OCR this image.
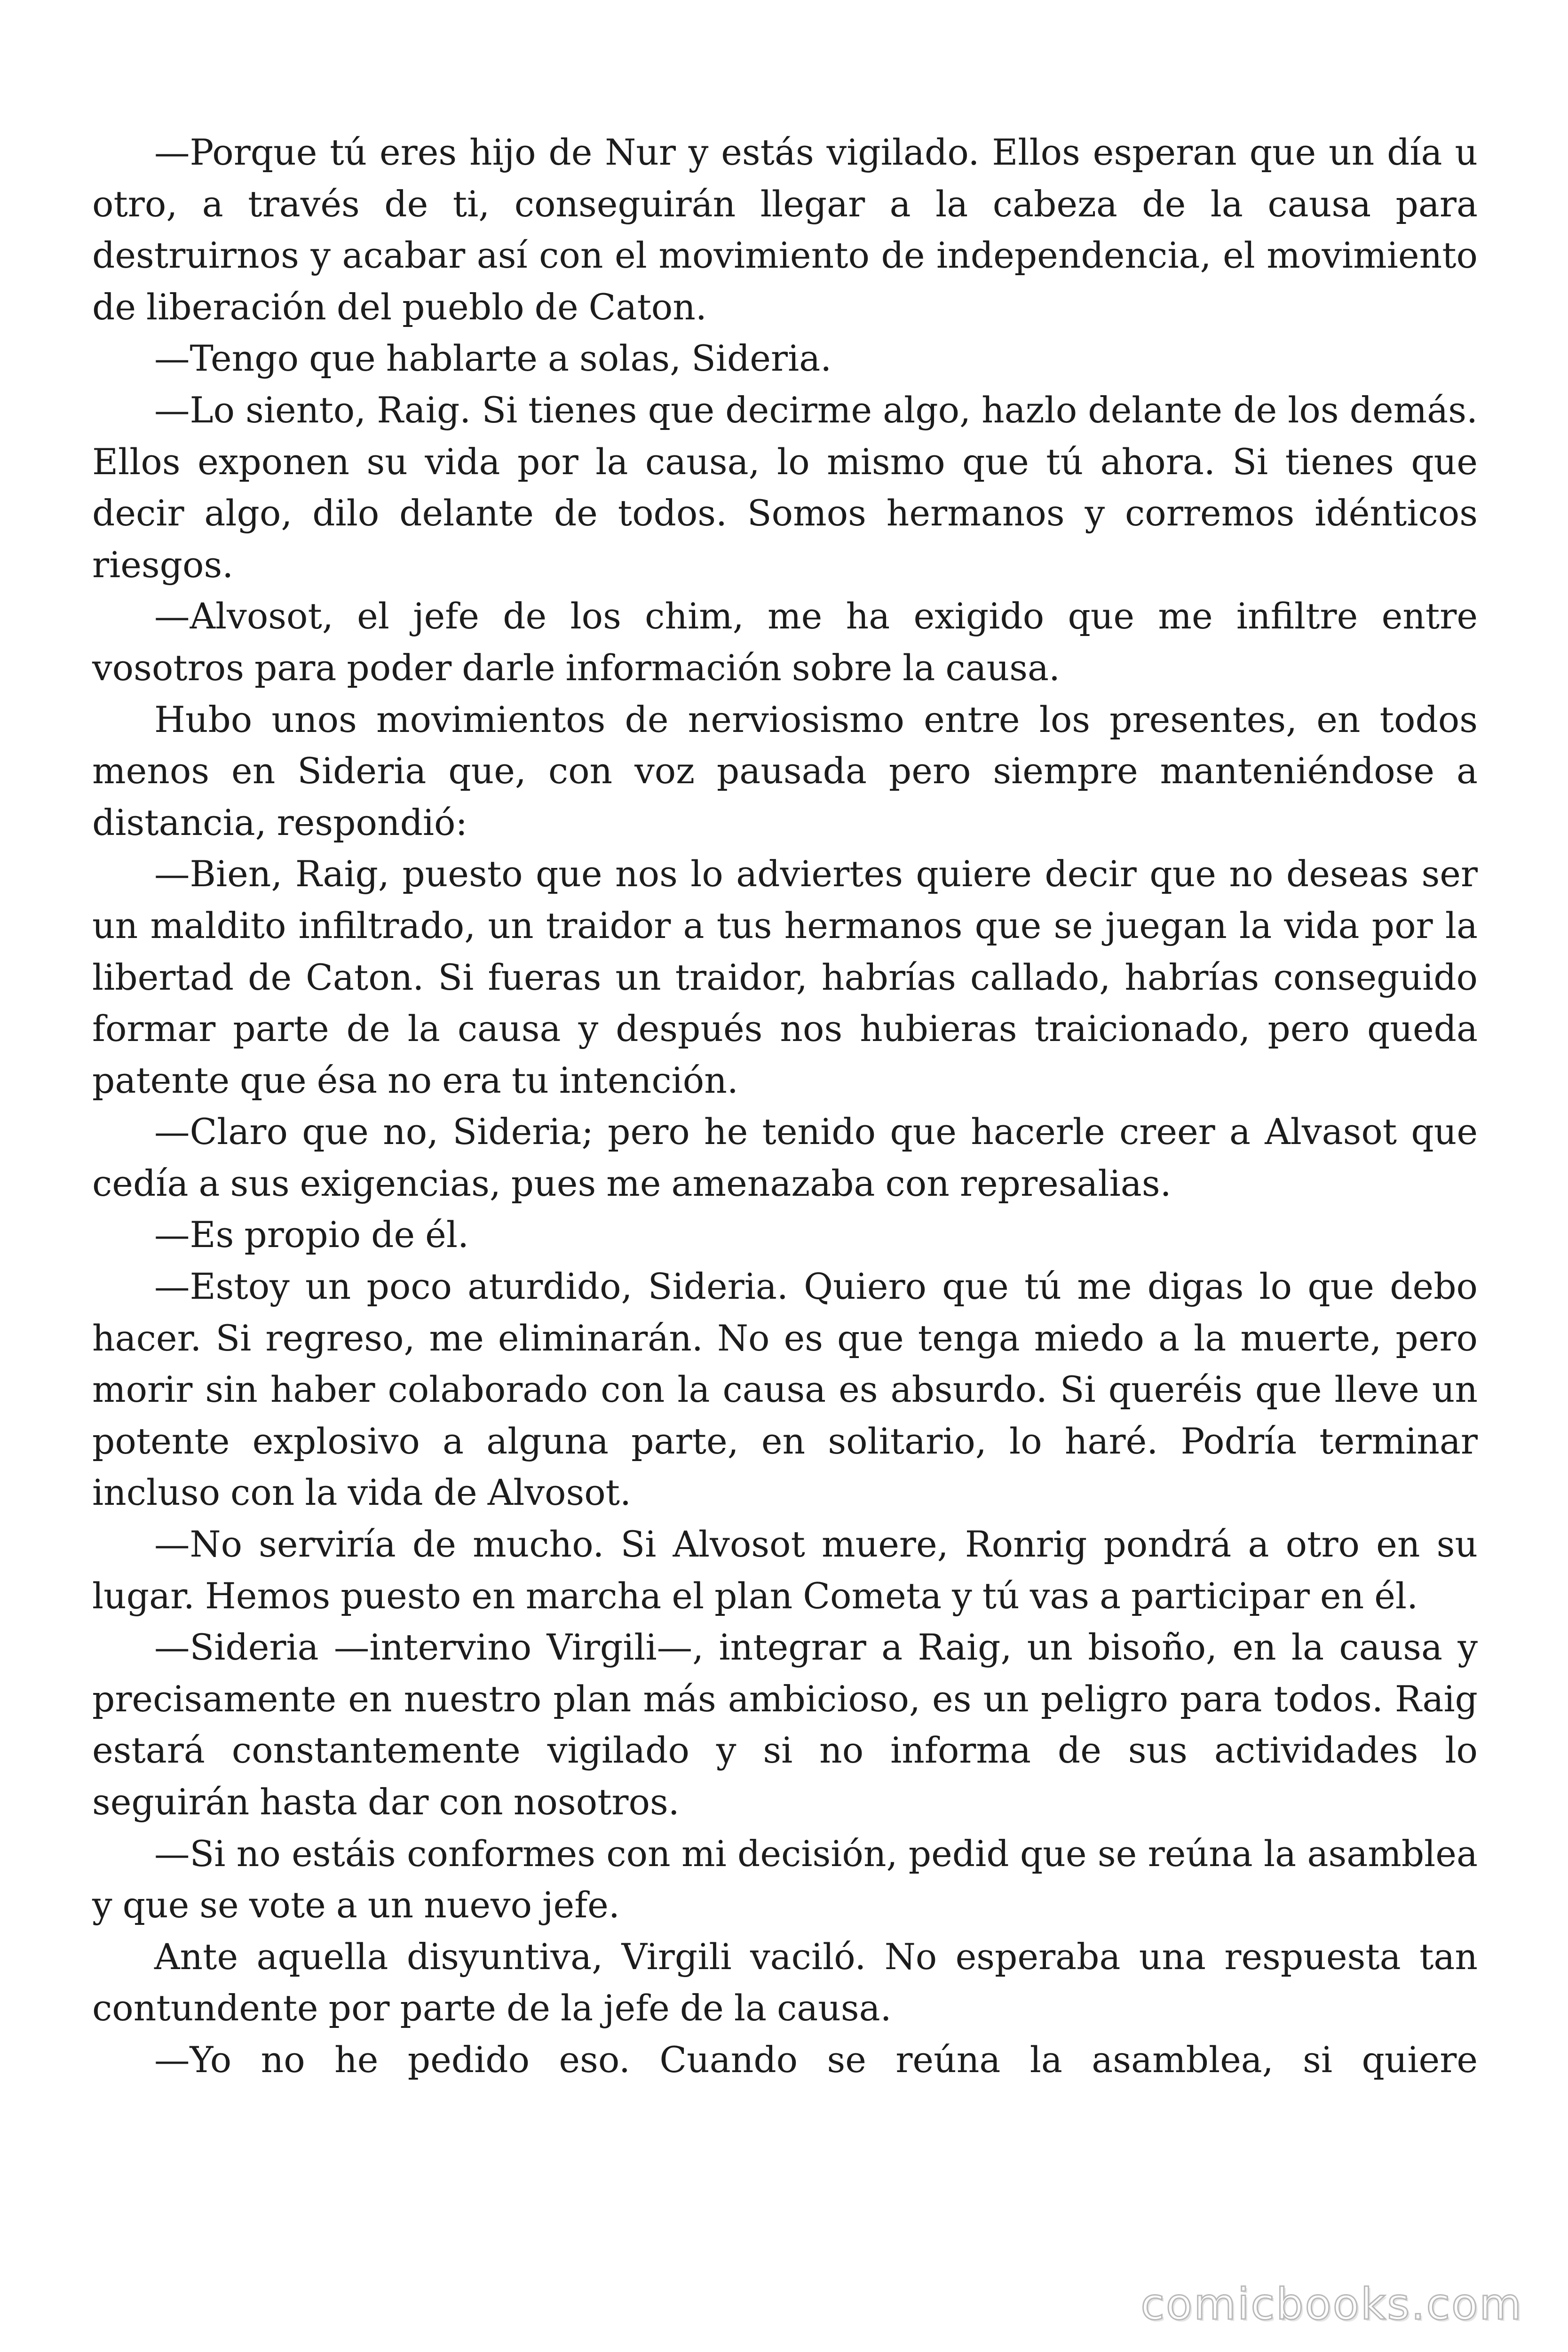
—Porque tú eres hijo de Nur y estás vigilado. Ellos esperan que un día u otro, a través de ti, conseguirán llegar a la cabeza de la causa para destruirnos y acabar así con el movimiento de independencia, el movimiento de liberación del pueblo de Caton.

—Tengo que hablarte a solas, Sideria.

—Lo siento, Raig. Si tienes que decirme algo, hazlo delante de los demás. Ellos exponen su vida por la causa, lo mismo que tú ahora. Si tienes que decir algo, dilo delante de todos. Somos hermanos y corremos idénticos riesgos.

—Alvosot, el jefe de los chim, me ha exigido que me infiltre entre vosotros para poder darle información sobre la causa.

Hubo unos movimientos de nerviosismo entre los presentes, en todos menos en Sideria que, con voz pausada pero siempre manteniéndose a distancia, respondió:

—Bien, Raig, puesto que nos lo adviertes quiere decir que no deseas ser un maldito infiltrado, un traidor a tus hermanos que se juegan la vida por la libertad de Caton. Si fueras un traidor, habrías callado, habrías conseguido formar parte de la causa y después nos hubieras traicionado, pero queda patente que ésa no era tu intención.

—Claro que no, Sideria; pero he tenido que hacerle creer a Alvasot que cedía a sus exigencias, pues me amenazaba con represalias.

—Es propio de él.

—Estoy un poco aturdido, Sideria. Quiero que tú me digas lo que debo hacer. Si regreso, me eliminarán. No es que tenga miedo a la muerte, pero morir sin haber colaborado con la causa es absurdo. Si queréis que lleve un potente explosivo a alguna parte, en solitario, lo haré. Podría terminar incluso con la vida de Alvosot.

—No serviría de mucho. Si Alvosot muere, Ronrig pondrá a otro en su lugar. Hemos puesto en marcha el plan Cometa y tú vas a participar en él.

—Sideria —intervino Virgili—, integrar a Raig, un bisoño, en la causa y precisamente en nuestro plan más ambicioso, es un peligro para todos. Raig estará constantemente vigilado y si no informa de sus actividades lo seguirán hasta dar con nosotros.

—Si no estáis conformes con mi decisión, pedid que se reúna la asamblea y que se vote a un nuevo jefe.

Ante aquella disyuntiva, Virgili vaciló. No esperaba una respuesta tan contundente por parte de la jefe de la causa.

—Yo no he pedido eso. Cuando se reúna la asamblea, si quiere

comicbooks.com
